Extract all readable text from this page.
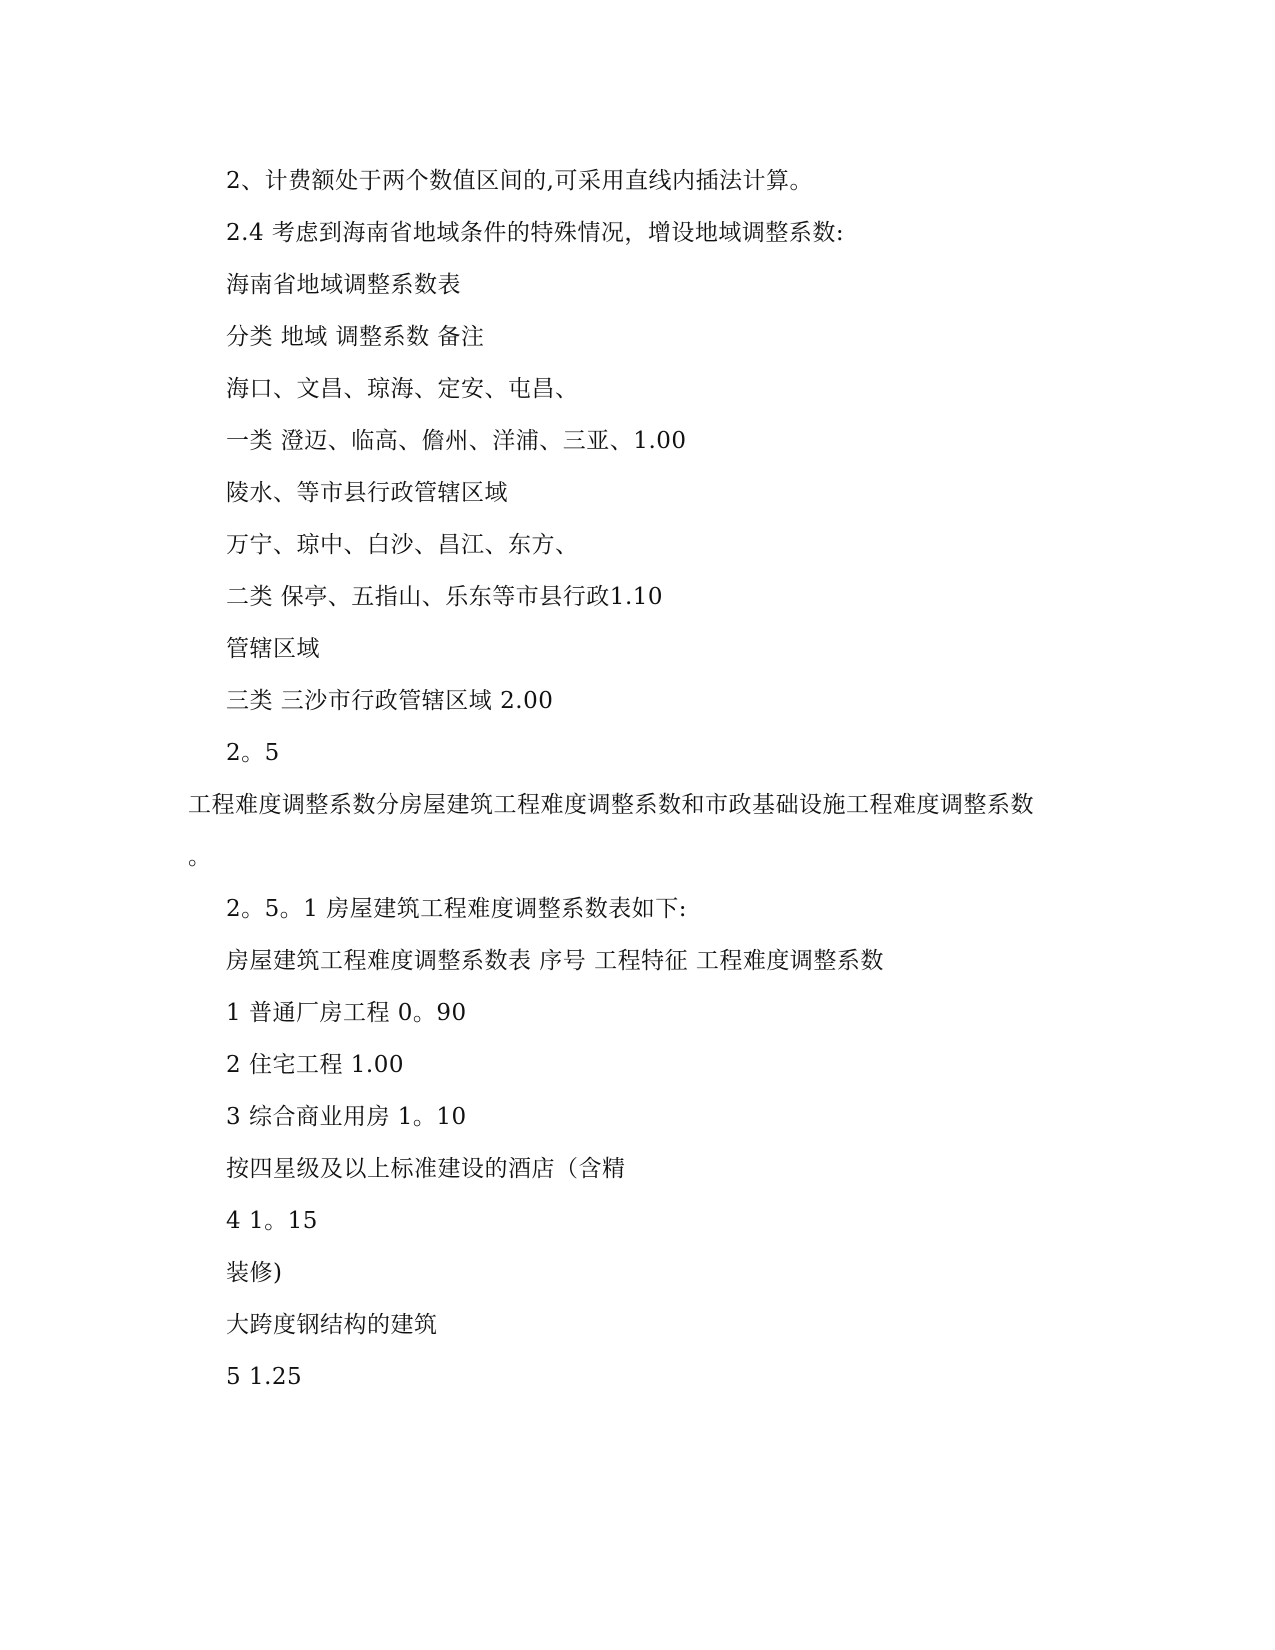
2、计费额处于两个数值区间的,可采用直线内插法计算。
2.4 考虑到海南省地域条件的特殊情况，增设地域调整系数:
海南省地域调整系数表
分类 地域 调整系数 备注
海口、文昌、琼海、定安、屯昌、
一类 澄迈、临高、儋州、洋浦、三亚、1.00
陵水、等市县行政管辖区域
万宁、琼中、白沙、昌江、东方、
二类 保亭、五指山、乐东等市县行政1.10
管辖区域
三类 三沙市行政管辖区域 2.00
2。5
工程难度调整系数分房屋建筑工程难度调整系数和市政基础设施工程难度调整系数
。
2。5。1 房屋建筑工程难度调整系数表如下:
房屋建筑工程难度调整系数表 序号 工程特征 工程难度调整系数
1 普通厂房工程 0。90
2 住宅工程 1.00
3 综合商业用房 1。10
按四星级及以上标准建设的酒店（含精
4 1。15
装修)
大跨度钢结构的建筑
5 1.25
